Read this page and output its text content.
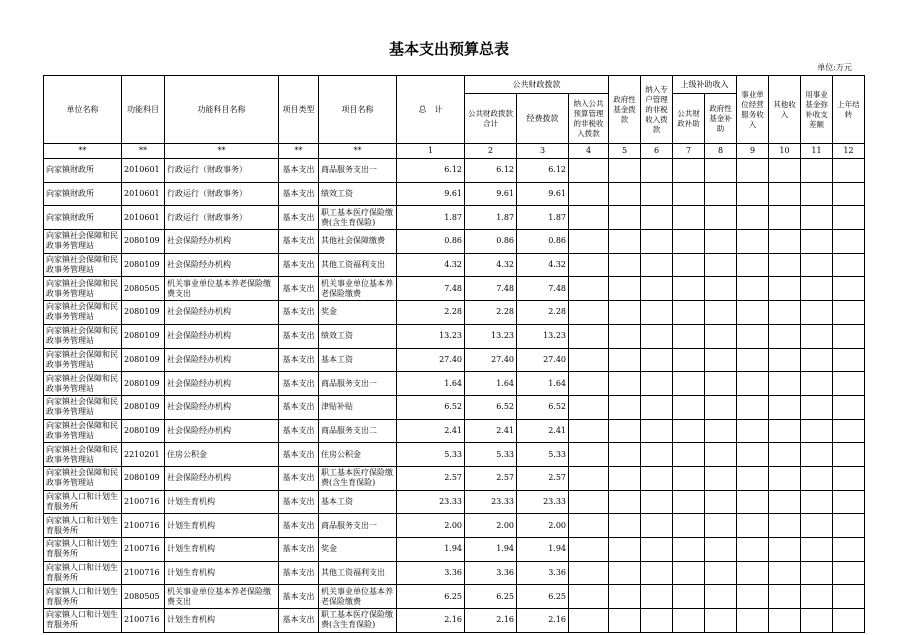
基本支出预算总表
单位:万元
单位名称	功能科目	功能科目名称	项目类型	项目名称	总　计	公共财政拨款			政府性基金拨款	纳入专户管理的非税收入拨款	上级补助收入		事业单位经营服务收入	其他收入	用事业基金弥补收支差额	上年结转
						公共财政拨款合计	经费拨款	纳入公共预算管理的非税收入拨款			公共财政补助	政府性基金补助				
**	**	**	**	**	1	2	3	4	5	6	7	8	9	10	11	12
向家镇财政所	2010601	行政运行（财政事务）	基本支出	商品服务支出一	6.12	6.12	6.12									
向家镇财政所	2010601	行政运行（财政事务）	基本支出	绩效工资	9.61	9.61	9.61									
向家镇财政所	2010601	行政运行（财政事务）	基本支出	职工基本医疗保险缴费(含生育保险)	1.87	1.87	1.87									
向家镇社会保障和民政事务管理站	2080109	社会保险经办机构	基本支出	其他社会保障缴费	0.86	0.86	0.86									
向家镇社会保障和民政事务管理站	2080109	社会保险经办机构	基本支出	其他工资福利支出	4.32	4.32	4.32									
向家镇社会保障和民政事务管理站	2080505	机关事业单位基本养老保险缴费支出	基本支出	机关事业单位基本养老保险缴费	7.48	7.48	7.48									
向家镇社会保障和民政事务管理站	2080109	社会保险经办机构	基本支出	奖金	2.28	2.28	2.28									
向家镇社会保障和民政事务管理站	2080109	社会保险经办机构	基本支出	绩效工资	13.23	13.23	13.23									
向家镇社会保障和民政事务管理站	2080109	社会保险经办机构	基本支出	基本工资	27.40	27.40	27.40									
向家镇社会保障和民政事务管理站	2080109	社会保险经办机构	基本支出	商品服务支出一	1.64	1.64	1.64									
向家镇社会保障和民政事务管理站	2080109	社会保险经办机构	基本支出	津贴补贴	6.52	6.52	6.52									
向家镇社会保障和民政事务管理站	2080109	社会保险经办机构	基本支出	商品服务支出二	2.41	2.41	2.41									
向家镇社会保障和民政事务管理站	2210201	住房公积金	基本支出	住房公积金	5.33	5.33	5.33									
向家镇社会保障和民政事务管理站	2080109	社会保险经办机构	基本支出	职工基本医疗保险缴费(含生育保险)	2.57	2.57	2.57									
向家镇人口和计划生育服务所	2100716	计划生育机构	基本支出	基本工资	23.33	23.33	23.33									
向家镇人口和计划生育服务所	2100716	计划生育机构	基本支出	商品服务支出一	2.00	2.00	2.00									
向家镇人口和计划生育服务所	2100716	计划生育机构	基本支出	奖金	1.94	1.94	1.94									
向家镇人口和计划生育服务所	2100716	计划生育机构	基本支出	其他工资福利支出	3.36	3.36	3.36									
向家镇人口和计划生育服务所	2080505	机关事业单位基本养老保险缴费支出	基本支出	机关事业单位基本养老保险缴费	6.25	6.25	6.25									
向家镇人口和计划生育服务所	2100716	计划生育机构	基本支出	职工基本医疗保险缴费(含生育保险)	2.16	2.16	2.16									
